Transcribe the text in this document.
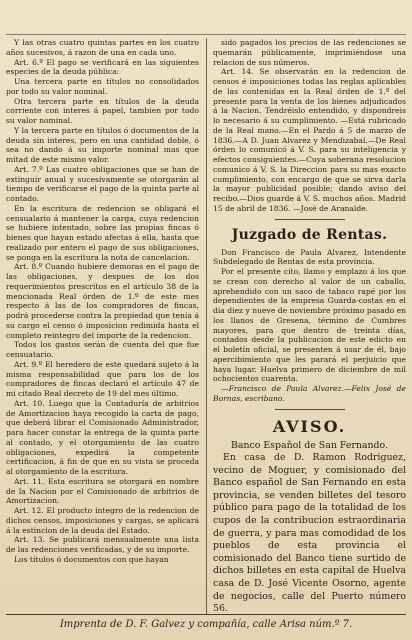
Y las otras cuatro quintas partes en los cuatro años sucesivos, á razon de una en cada uno.

Art. 6.º El pago se verificará en las siguientes especies de la deuda pública:

Una tercera parte en títulos no consolidados por todo su valor nominal.

Otra tercera parte en títulos de la deuda corriente con interes á papel, tambien por todo su valor nominal.

Y la tercera parte en títulos ó documentos de la deuda sin interes, pero en una cantidad doble, ó sea no dando á su importe nominal mas que mitad de este mismo valor.

Art. 7.º Las cuatro obligaciones que se han de extinguir anual y sucesivamente se otorgarán al tiempo de verificarse el pago de la quinta parte al contado.

En la escritura de redencion se obligará el censualario á mantener la carga, cuya redencion se hubiere intentado, sobre las propias fincas ó bienes que hayan estado afectas á ella, hasta que realizado por entero el pago de sus obligaciones, se ponga en la escritura la nota de cancelacion.

Art. 8.º Cuando hubiere demoras en el pago de las obligaciones, y despues de los dos requerimientos prescritos en el artículo 38 de la mencionada Real órden de 1.º de este mes respecto á las de los compradores de fincas, podrá procederse contra la propiedad que tenía á su cargo el censo ó imposicion redimida hasta el completo reintegro del importe de la redencion.

Todos los gastos serán de cuenta del que fue censuatario.

Art. 9.º El heredero de este quedará sujeto á la misma responsabilidad que para los de los compradores de fincas declaró el artículo 47 de mi citado Real decreto de 19 del mes último.

Art. 10. Luego que la Contaduría de arbitrios de Amortizacion haya recogido la carta de pago, que deberá librar el Comisionado Administrador, para hacer constar la entrega de la quinta parte al contado, y el otorgamiento de las cuatro obligaciones, expedirá la competente certificacion, á fin de que en su vista se proceda al otorgamiento de la escritura.

Art. 11. Esta escritura se otorgará en nombre de la Nacion por el Comisionado de arbitrios de Amortizacion.

Art. 12. El producto íntegro de la redencion de dichos censos, imposiciones y cargas, se aplicará á la estincion de la deuda del Estado.

Art. 13. Se publicará mensualmente una lista de las redenciones verificadas, y de su importe.

Los títulos ó documentos con que hayan

sido pagados los precios de las redenciones se quemarán públicamente, imprimiéndose una relacion de sus números.

Art. 14. Se observarán en la redencion de censos é imposiciones todas las reglas aplicables de las contenidas en la Real órden de 1.º del presente para la venta de los bienes adjudicados á la Nacion. Tendréislo entendido, y dispondreis lo necesario á su cumplimiento. —Está rubricado de la Real mano.—En el Pardo á 5 de marzo de 1836.—A D. Juan Alvarez y Mendizabal.—De Real órden lo comunicó á V. S. para su inteligencia y efectos consiguientes.—Cuya soberana resolucion comunico á V. S. la Direccion para su mas exacto cumplimiento, con encargo de que se sirva darla la mayor publicidad posible; dando aviso del recibo.—Dios guarde á V. S. muchos años. Madrid 15 de abril de 1836. —José de Aranalde.

Juzgado de Rentas.

Don Francisco de Paula Alvarez, Intendente Subdelegado de Rentas de esta provincia.

Por el presente cito, llamo y emplazo á los que se crean con derecho al valor de un caballo, aprehendido con un saco de tabaco rapé por los dependientes de la empresa Guarda-costas en el dia diez y nueve de noviembre próximo pasado en los llanos de Gresena, término de Cumbres mayores, para que dentro de treinta días, contados desde la publicacion de este edicto en el boletín oficial, se presenten á usar de él, bajo apercibimiento que les parará el perjuicio que haya lugar. Huelva primero de diciembre de mil ochocientos cuarenta.

—Francisco de Paula Alvarez.—Felix José de Bornas, escribano.

AVISO.

Banco Español de San Fernando.

En casa de D. Ramon Rodriguez, vecino de Moguer, y comisionado del Banco español de San Fernando en esta provincia, se venden billetes del tesoro público para pago de la totalidad de los cupos de la contribucion estraordinaria de guerra, y para mas comodidad de los pueblos de esta provincia el comisionado del Banco tiene surtido de dichos billetes en esta capital de Huelva casa de D. José Vicente Osorno, agente de negocios, calle del Puerto número 56.

Imprenta de D. F. Galvez y compañía, calle Arisa núm.º 7.
